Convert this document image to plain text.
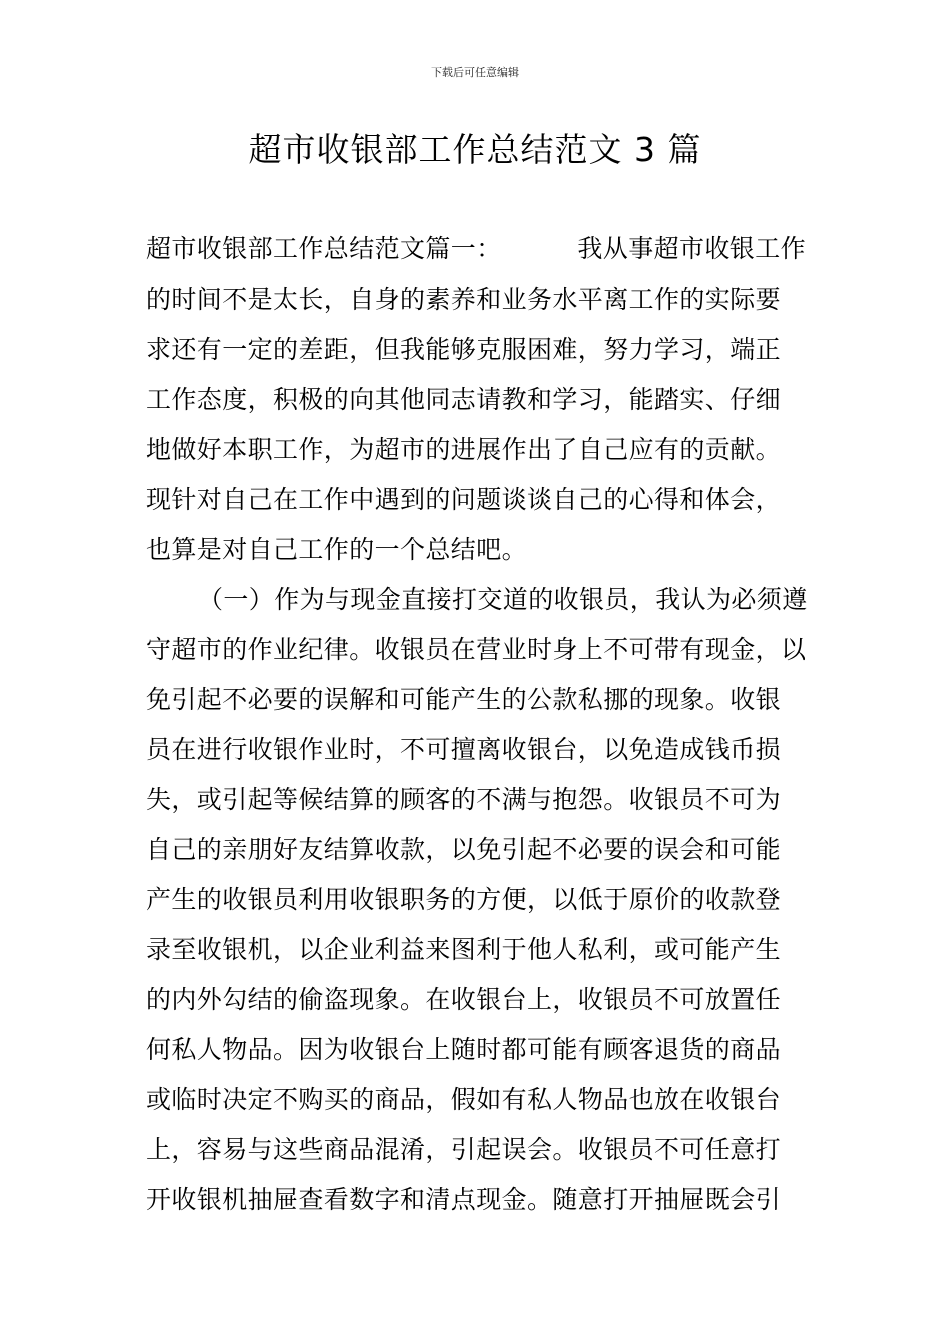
下载后可任意编辑
超市收银部工作总结范文 3 篇
超市收银部工作总结范文篇一：	我从事超市收银工作
的时间不是太长，自身的素养和业务水平离工作的实际要
求还有一定的差距，但我能够克服困难，努力学习，端正
工作态度，积极的向其他同志请教和学习，能踏实、仔细
地做好本职工作，为超市的进展作出了自己应有的贡献。
现针对自己在工作中遇到的问题谈谈自己的心得和体会，
也算是对自己工作的一个总结吧。
（一）作为与现金直接打交道的收银员，我认为必须遵
守超市的作业纪律。收银员在营业时身上不可带有现金，以
免引起不必要的误解和可能产生的公款私挪的现象。收银
员在进行收银作业时，不可擅离收银台，以免造成钱币损
失，或引起等候结算的顾客的不满与抱怨。收银员不可为
自己的亲朋好友结算收款，以免引起不必要的误会和可能
产生的收银员利用收银职务的方便，以低于原价的收款登
录至收银机，以企业利益来图利于他人私利，或可能产生
的内外勾结的偷盗现象。在收银台上，收银员不可放置任
何私人物品。因为收银台上随时都可能有顾客退货的商品
或临时决定不购买的商品，假如有私人物品也放在收银台
上，容易与这些商品混淆，引起误会。收银员不可任意打
开收银机抽屉查看数字和清点现金。随意打开抽屉既会引
